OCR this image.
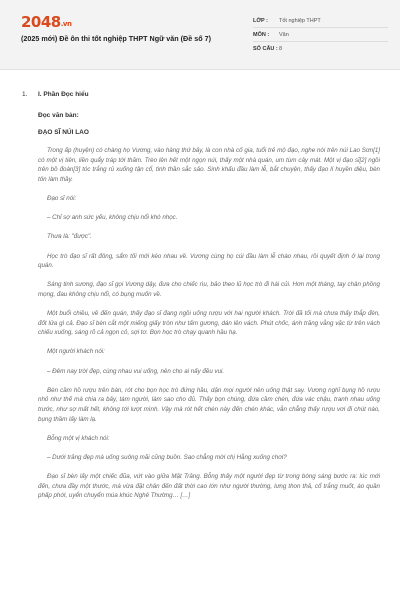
2048.vn
(2025 mới) Đề ôn thi tốt nghiệp THPT Ngữ văn (Đề số 7)
LỚP :	Tốt nghiệp THPT
MÔN :	Văn
SỐ CÂU : 8
1. I. Phần Đọc hiểu
Đọc văn bản:
ĐẠO SĨ NÚI LAO

Trong ấp (huyện) có chàng họ Vương, vào hàng thứ bảy, là con nhà cố gia, tuổi trẻ mộ đạo, nghe nói trên núi Lao Sơn[1] có một vị tiên, liền quẩy tráp tới thăm. Trèo lên hết một ngọn núi, thấy một nhà quán, um tùm cây mát. Một vị đạo sĩ[2] ngồi trên bồ đoàn[3] tóc trắng rủ xuống tận cổ, tinh thần sắc sảo. Sinh khấu đầu làm lễ, bắt chuyện, thấy đạo lí huyền diệu, bèn tôn làm thầy.

Đạo sĩ nói:

– Chỉ sợ anh sức yếu, không chịu nổi khó nhọc.

Thưa là: "được".

Học trò đạo sĩ rất đông, sẩm tối mới kéo nhau về. Vương cùng họ cúi đầu làm lễ chào nhau, rồi quyết định ở lại trong quán.

Sáng tinh sương, đạo sĩ gọi Vương dậy, đưa cho chiếc rìu, bảo theo lũ học trò đi hái củi. Hơn một tháng, tay chân phồng mọng, đau không chịu nổi, có bụng muốn về.

Một buổi chiều, về đến quán, thấy đạo sĩ đang ngồi uống rượu với hai người khách. Trời đã tối mà chưa thấy thắp đèn, đốt lửa gì cả. Đạo sĩ bèn cắt một miếng giấy tròn như tấm gương, dán lên vách. Phút chốc, ánh trăng vằng vặc từ trên vách chiếu xuống, sáng rõ cả ngọn cỏ, sợi tơ. Bọn học trò chạy quanh hầu hạ.

Một người khách nói:

– Đêm nay trời đẹp, cùng nhau vui uống, nên cho ai nấy đều vui.

Bèn cầm hồ rượu trên bàn, rót cho bọn học trò đứng hầu, dặn mọi người nên uống thật say. Vương nghĩ bụng hồ rượu nhỏ như thế mà chia ra bảy, tám người, làm sao cho đủ. Thấy bọn chúng, đứa cầm chén, đứa vác chậu, tranh nhau uống trước, như sợ mất hết, không tới lượt mình. Vậy mà rót hết chén này đến chén khác, vẫn chẳng thấy rượu vơi đi chút nào, bụng thầm lấy làm lạ.

Bỗng một vị khách nói:

– Dưới trăng đẹp mà uống suông mãi cũng buồn. Sao chẳng mời chị Hằng xuống chơi?

Đạo sĩ bèn lấy một chiếc đũa, vứt vào giữa Mặt Trăng. Bỗng thấy một người đẹp từ trong bóng sáng bước ra: lúc mới đến, chưa đầy một thước, mà vừa đặt chân đến đất thời cao lớn như người thường, lưng thon thả, cổ trắng muốt, áo quần phấp phới, uyển chuyển múa khúc Nghê Thường… […]
